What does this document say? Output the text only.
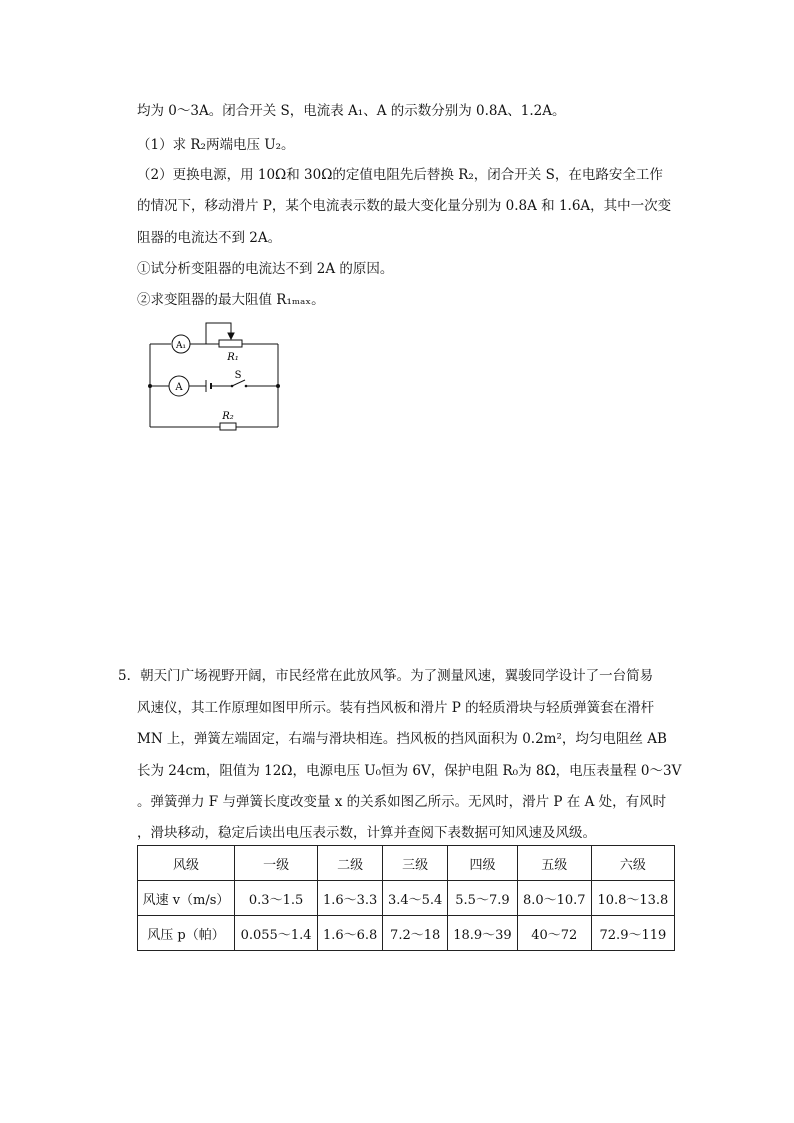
均为 0～3A。闭合开关 S，电流表 A₁、A 的示数分别为 0.8A、1.2A。
（1）求 R₂两端电压 U₂。
（2）更换电源，用 10Ω和 30Ω的定值电阻先后替换 R₂，闭合开关 S，在电路安全工作
的情况下，移动滑片 P，某个电流表示数的最大变化量分别为 0.8A 和 1.6A，其中一次变
阻器的电流达不到 2A。
①试分析变阻器的电流达不到 2A 的原因。
②求变阻器的最大阻值 R₁ₘₐₓ。
A₁
A
R₁
S
R₂
5．朝天门广场视野开阔，市民经常在此放风筝。为了测量风速，翼骏同学设计了一台简易
风速仪，其工作原理如图甲所示。装有挡风板和滑片 P 的轻质滑块与轻质弹簧套在滑杆
MN 上，弹簧左端固定，右端与滑块相连。挡风板的挡风面积为 0.2m²，均匀电阻丝 AB
长为 24cm，阻值为 12Ω，电源电压 U₀恒为 6V，保护电阻 R₀为 8Ω，电压表量程 0～3V
。弹簧弹力 F 与弹簧长度改变量 x 的关系如图乙所示。无风时，滑片 P 在 A 处，有风时
，滑块移动，稳定后读出电压表示数，计算并查阅下表数据可知风速及风级。
风级	一级	二级	三级	四级	五级	六级
风速 v（m/s）	0.3～1.5	1.6～3.3	3.4～5.4	5.5～7.9	8.0～10.7	10.8～13.8
风压 p（帕）	0.055～1.4	1.6～6.8	7.2～18	18.9～39	40～72	72.9～119
